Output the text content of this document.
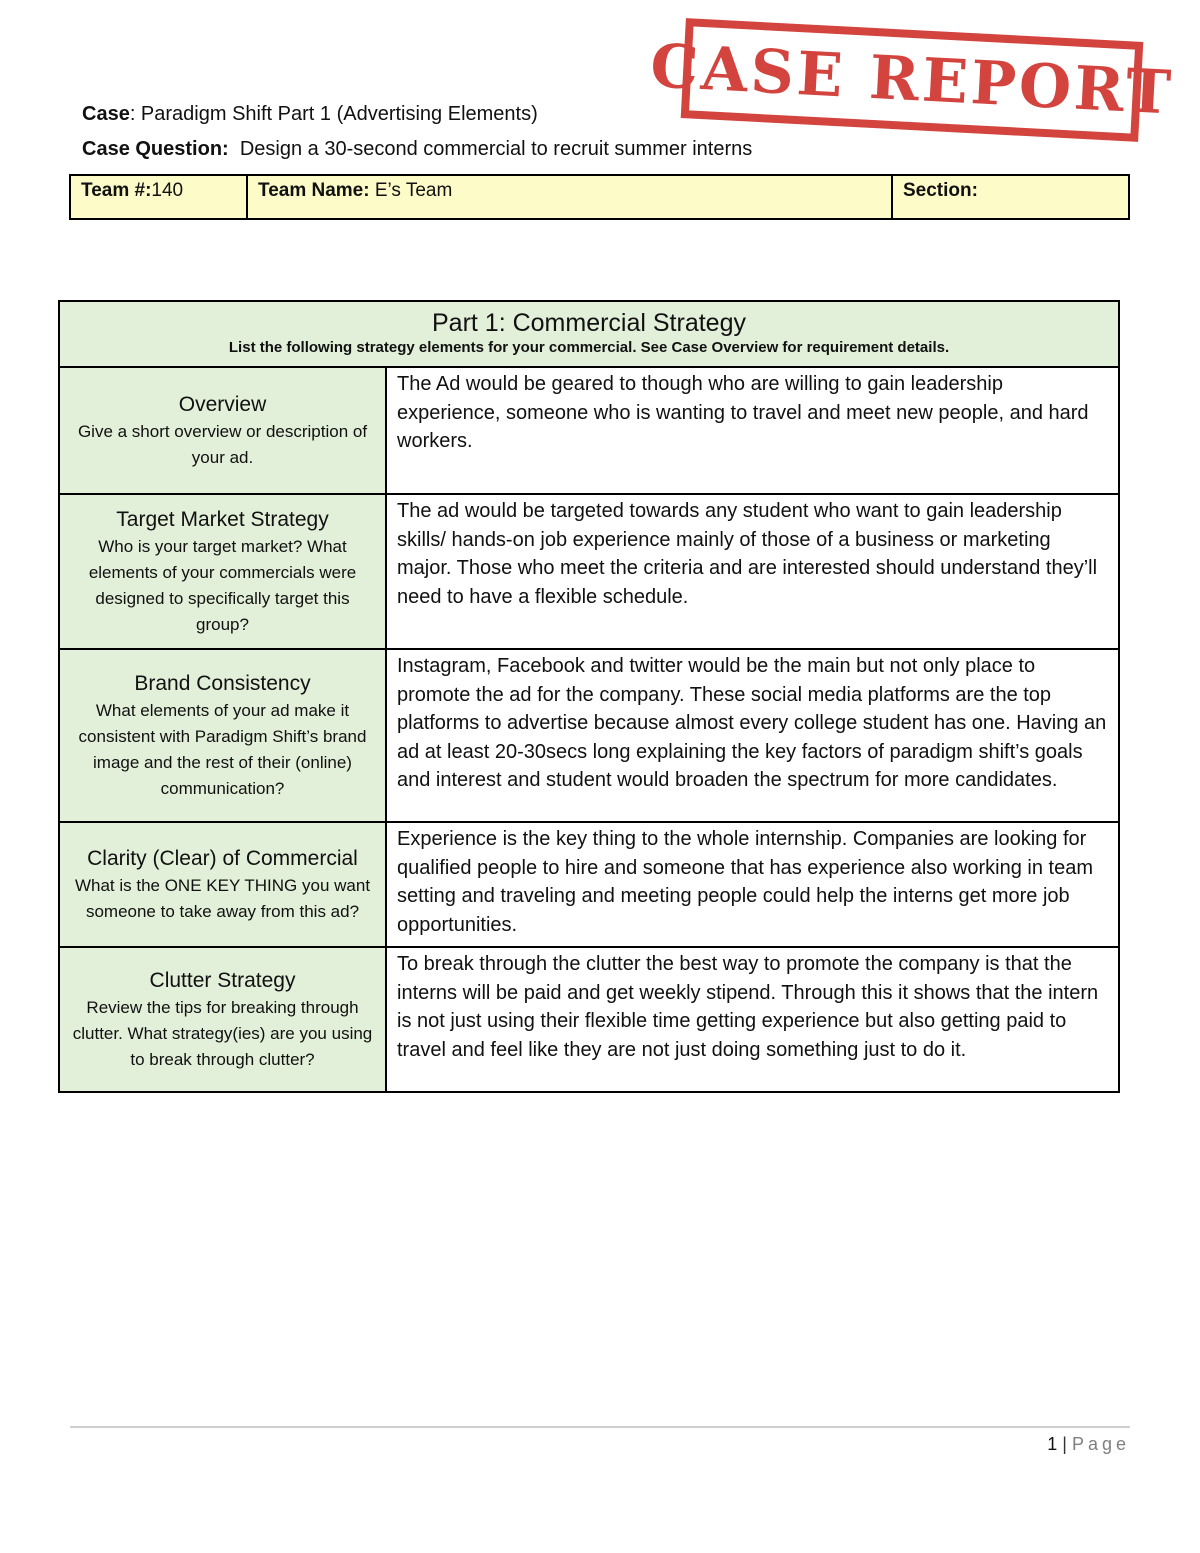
CASE REPORT
Case: Paradigm Shift Part 1 (Advertising Elements)
Case Question: Design a 30-second commercial to recruit summer interns
Team #:140	Team Name: E’s Team	Section:
Part 1: Commercial Strategy
List the following strategy elements for your commercial. See Case Overview for requirement details.	

Overview
Give a short overview or description of your ad.	The Ad would be geared to though who are willing to gain leadership experience, someone who is wanting to travel and meet new people, and hard workers.

Target Market Strategy
Who is your target market? What elements of your commercials were designed to specifically target this group?	The ad would be targeted towards any student who want to gain leadership skills/ hands-on job experience mainly of those of a business or marketing major. Those who meet the criteria and are interested should understand they’ll need to have a flexible schedule.

Brand Consistency
What elements of your ad make it consistent with Paradigm Shift’s brand image and the rest of their (online) communication?	Instagram, Facebook and twitter would be the main but not only place to promote the ad for the company. These social media platforms are the top platforms to advertise because almost every college student has one. Having an ad at least 20-30secs long explaining the key factors of paradigm shift’s goals and interest and student would broaden the spectrum for more candidates.

Clarity (Clear) of Commercial
What is the ONE KEY THING you want someone to take away from this ad?	Experience is the key thing to the whole internship. Companies are looking for qualified people to hire and someone that has experience also working in team setting and traveling and meeting people could help the interns get more job opportunities.

Clutter Strategy
Review the tips for breaking through clutter. What strategy(ies) are you using to break through clutter?	To break through the clutter the best way to promote the company is that the interns will be paid and get weekly stipend. Through this it shows that the intern is not just using their flexible time getting experience but also getting paid to travel and feel like they are not just doing something just to do it.
1 | Page
